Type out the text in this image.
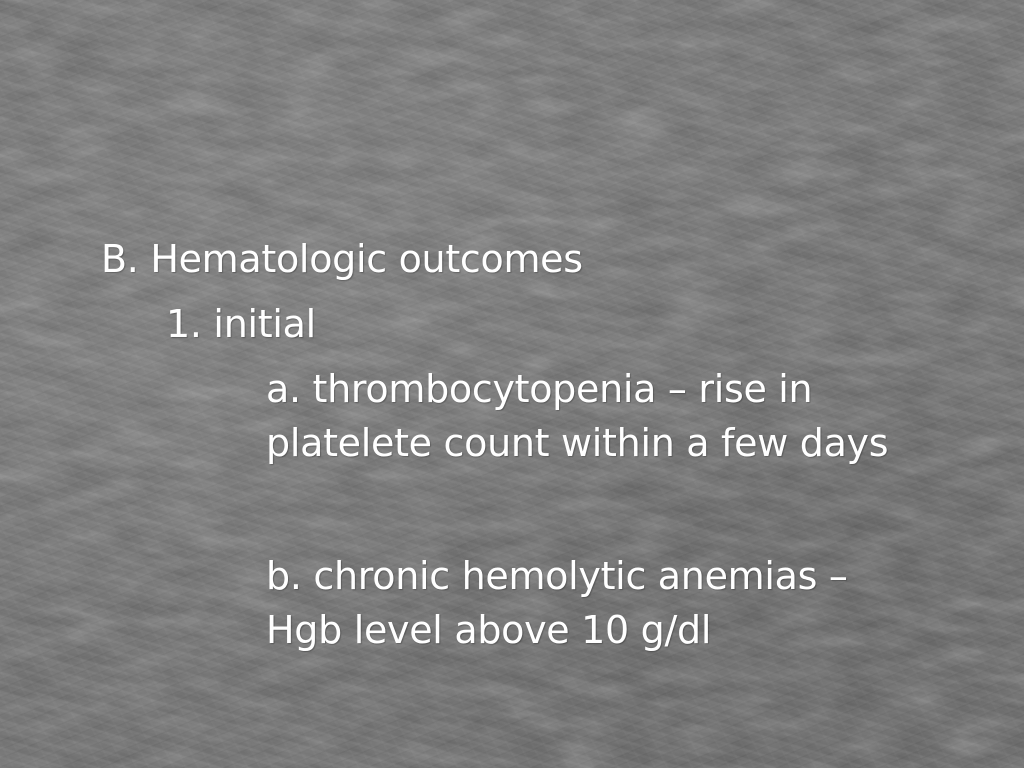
B. Hematologic outcomes
1. initial
a. thrombocytopenia – rise in
platelete count within a few days
b. chronic hemolytic anemias –
Hgb level above 10 g/dl
